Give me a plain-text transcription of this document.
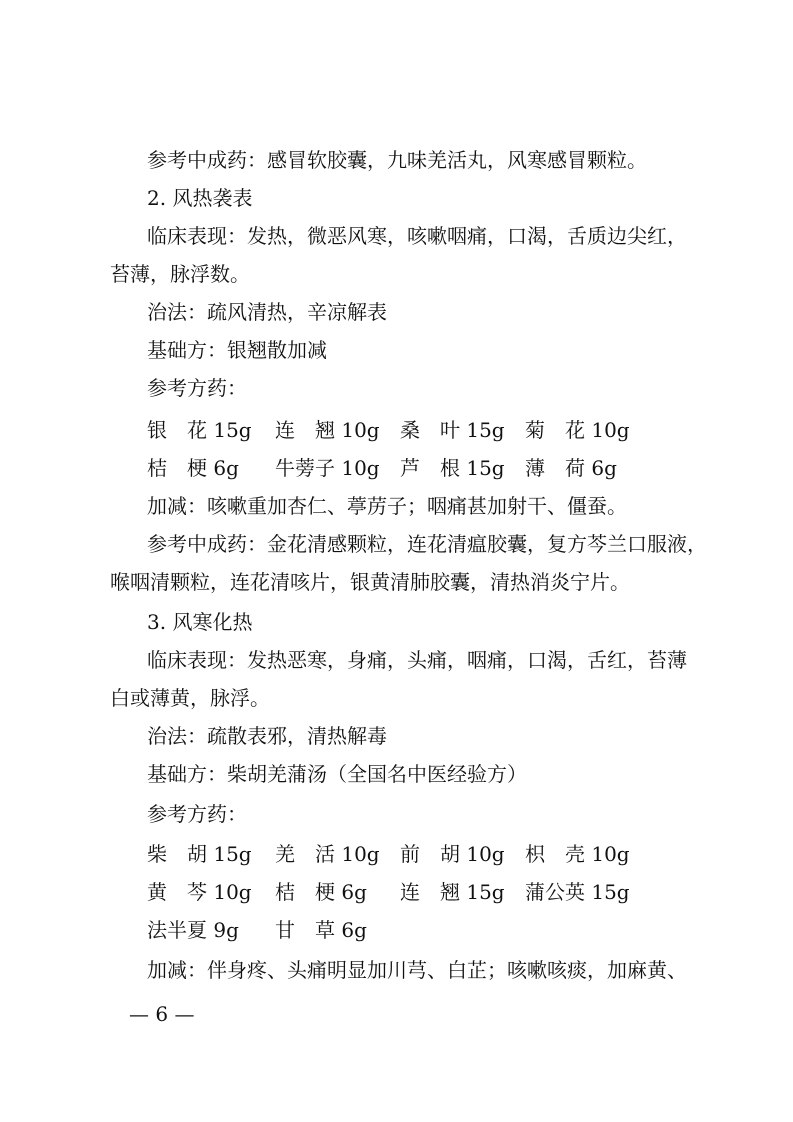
参考中成药：感冒软胶囊，九味羌活丸，风寒感冒颗粒。
2. 风热袭表
临床表现：发热，微恶风寒，咳嗽咽痛，口渴，舌质边尖红，
苔薄，脉浮数。
治法：疏风清热，辛凉解表
基础方：银翘散加减
参考方药：
银　花 15g 连　翘 10g 桑　叶 15g 菊　花 10g
桔　梗 6g 牛蒡子 10g 芦　根 15g 薄　荷 6g
加减：咳嗽重加杏仁、葶苈子；咽痛甚加射干、僵蚕。
参考中成药：金花清感颗粒，连花清瘟胶囊，复方芩兰口服液，
喉咽清颗粒，连花清咳片，银黄清肺胶囊，清热消炎宁片。
3. 风寒化热
临床表现：发热恶寒，身痛，头痛，咽痛，口渴，舌红，苔薄
白或薄黄，脉浮。
治法：疏散表邪，清热解毒
基础方：柴胡羌蒲汤（全国名中医经验方）
参考方药：
柴　胡 15g 羌　活 10g 前　胡 10g 枳　壳 10g
黄　芩 10g 桔　梗 6g 连　翘 15g 蒲公英 15g
法半夏 9g 甘　草 6g
加减：伴身疼、头痛明显加川芎、白芷；咳嗽咳痰，加麻黄、
— 6 —
